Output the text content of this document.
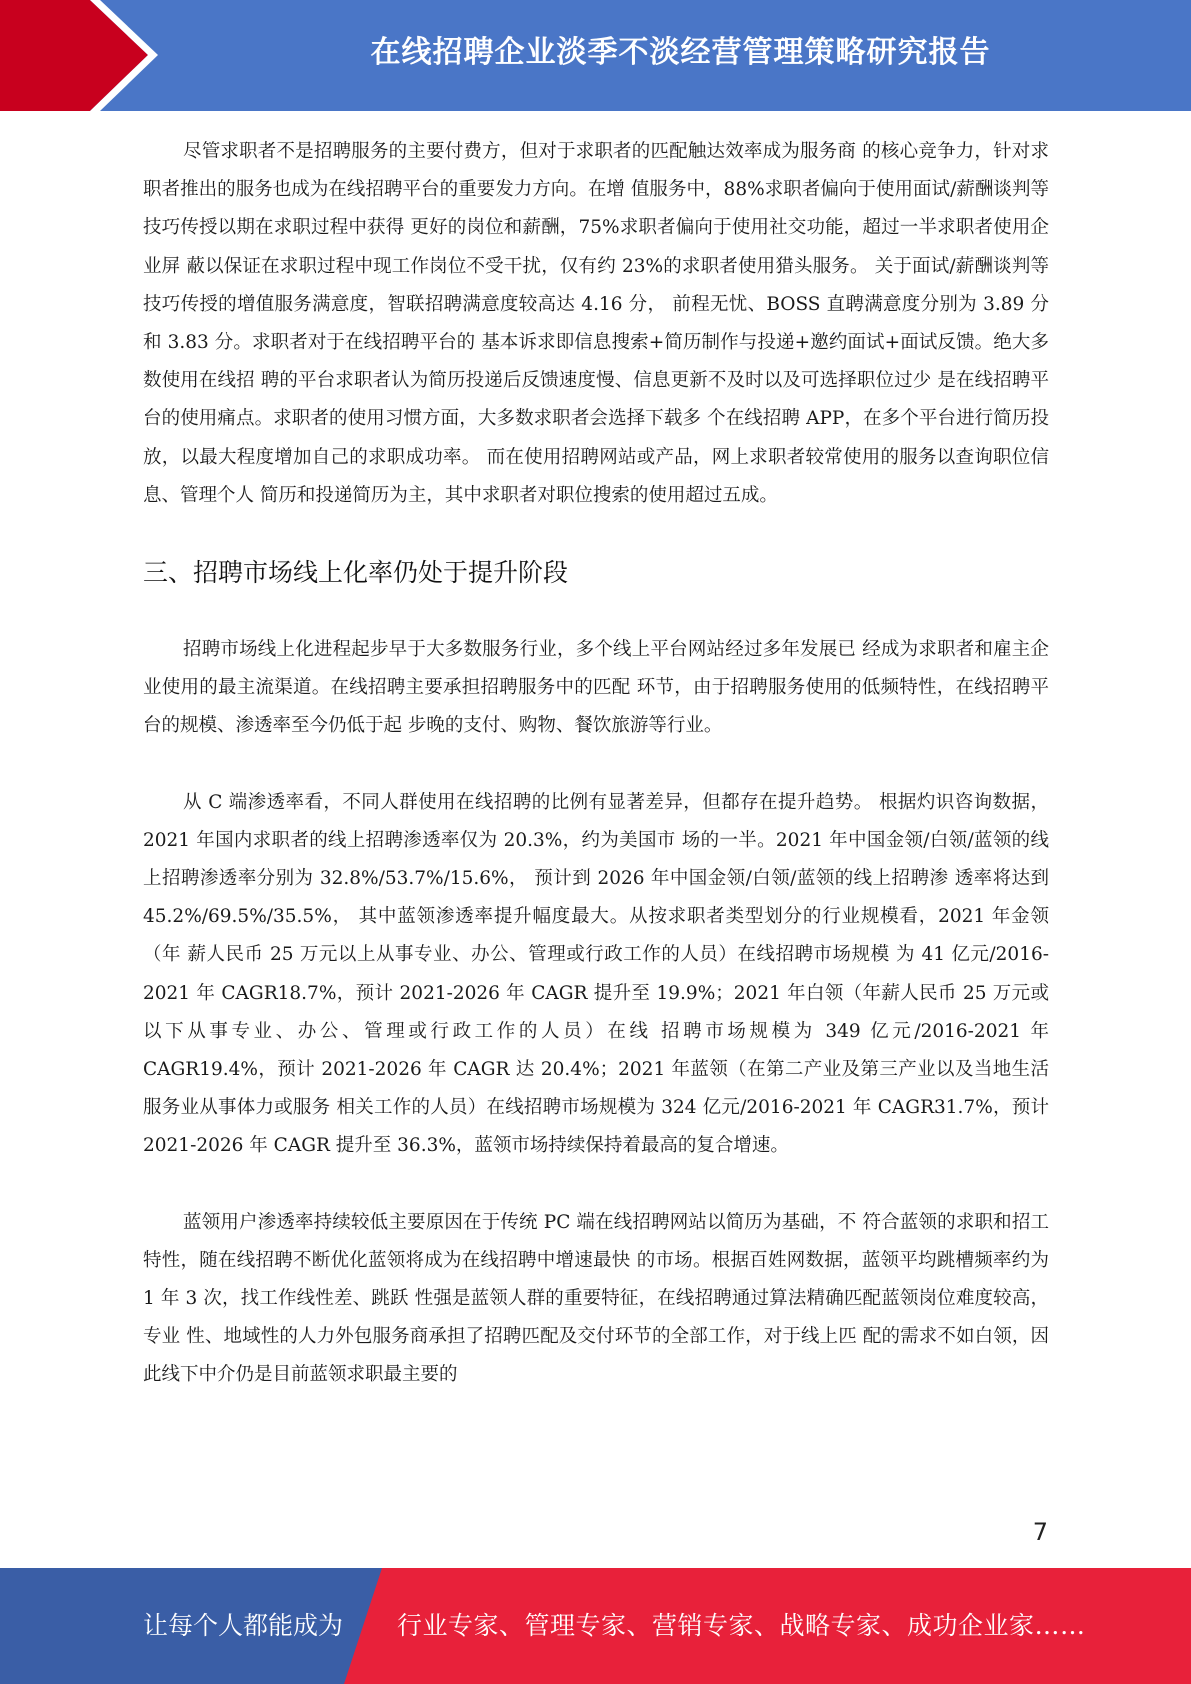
在线招聘企业淡季不淡经营管理策略研究报告

尽管求职者不是招聘服务的主要付费方，但对于求职者的匹配触达效率成为服务商 的核心竞争力，针对求职者推出的服务也成为在线招聘平台的重要发力方向。在增 值服务中，88%求职者偏向于使用面试/薪酬谈判等技巧传授以期在求职过程中获得 更好的岗位和薪酬，75%求职者偏向于使用社交功能，超过一半求职者使用企业屏 蔽以保证在求职过程中现工作岗位不受干扰，仅有约 23%的求职者使用猎头服务。 关于面试/薪酬谈判等技巧传授的增值服务满意度，智联招聘满意度较高达 4.16 分， 前程无忧、BOSS 直聘满意度分别为 3.89 分和 3.83 分。求职者对于在线招聘平台的 基本诉求即信息搜索+简历制作与投递+邀约面试+面试反馈。绝大多数使用在线招 聘的平台求职者认为简历投递后反馈速度慢、信息更新不及时以及可选择职位过少 是在线招聘平台的使用痛点。求职者的使用习惯方面，大多数求职者会选择下载多 个在线招聘 APP，在多个平台进行简历投放，以最大程度增加自己的求职成功率。 而在使用招聘网站或产品，网上求职者较常使用的服务以查询职位信息、管理个人 简历和投递简历为主，其中求职者对职位搜索的使用超过五成。

三、招聘市场线上化率仍处于提升阶段

招聘市场线上化进程起步早于大多数服务行业，多个线上平台网站经过多年发展已 经成为求职者和雇主企业使用的最主流渠道。在线招聘主要承担招聘服务中的匹配 环节，由于招聘服务使用的低频特性，在线招聘平台的规模、渗透率至今仍低于起 步晚的支付、购物、餐饮旅游等行业。

从 C 端渗透率看，不同人群使用在线招聘的比例有显著差异，但都存在提升趋势。 根据灼识咨询数据，2021 年国内求职者的线上招聘渗透率仅为 20.3%，约为美国市 场的一半。2021 年中国金领/白领/蓝领的线上招聘渗透率分别为 32.8%/53.7%/15.6%， 预计到 2026 年中国金领/白领/蓝领的线上招聘渗 透率将达到 45.2%/69.5%/35.5%， 其中蓝领渗透率提升幅度最大。从按求职者类型划分的行业规模看，2021 年金领（年 薪人民币 25 万元以上从事专业、办公、管理或行政工作的人员）在线招聘市场规模 为 41 亿元/2016-2021 年 CAGR18.7%，预计 2021-2026 年 CAGR 提升至 19.9%；2021 年白领（年薪人民币 25 万元或以下从事专业、办公、管理或行政工作的人员）在线 招聘市场规模为 349 亿元/2016-2021 年 CAGR19.4%，预计 2021-2026 年 CAGR 达 20.4%；2021 年蓝领（在第二产业及第三产业以及当地生活服务业从事体力或服务 相关工作的人员）在线招聘市场规模为 324 亿元/2016-2021 年 CAGR31.7%，预计 2021-2026 年 CAGR 提升至 36.3%，蓝领市场持续保持着最高的复合增速。

蓝领用户渗透率持续较低主要原因在于传统 PC 端在线招聘网站以简历为基础，不 符合蓝领的求职和招工特性，随在线招聘不断优化蓝领将成为在线招聘中增速最快 的市场。根据百姓网数据，蓝领平均跳槽频率约为 1 年 3 次，找工作线性差、跳跃 性强是蓝领人群的重要特征，在线招聘通过算法精确匹配蓝领岗位难度较高，专业 性、地域性的人力外包服务商承担了招聘匹配及交付环节的全部工作，对于线上匹 配的需求不如白领，因此线下中介仍是目前蓝领求职最主要的

7
让每个人都能成为 行业专家、管理专家、营销专家、战略专家、成功企业家……
